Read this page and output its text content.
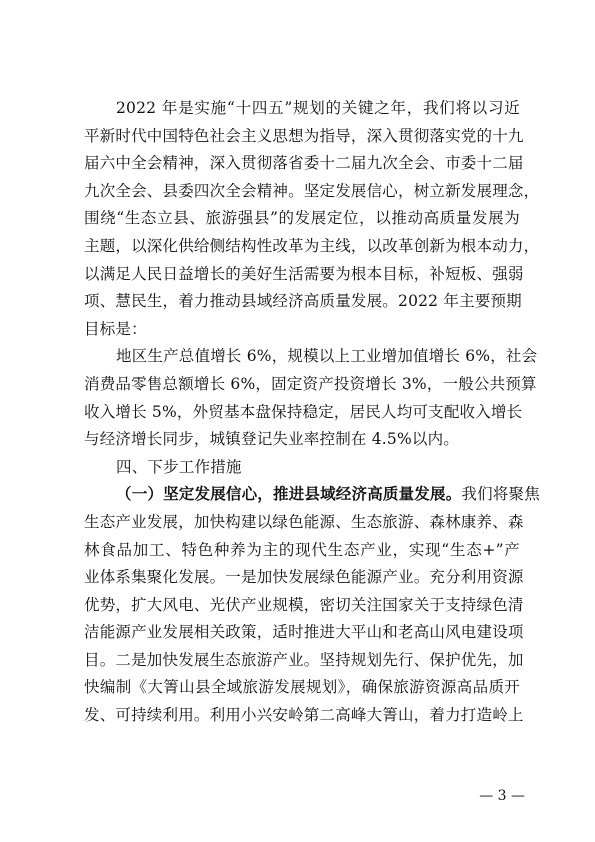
2022 年是实施“十四五”规划的关键之年，我们将以习近
平新时代中国特色社会主义思想为指导，深入贯彻落实党的十九
届六中全会精神，深入贯彻落省委十二届九次全会、市委十二届
九次全会、县委四次全会精神。坚定发展信心，树立新发展理念，
围绕“生态立县、旅游强县”的发展定位，以推动高质量发展为
主题，以深化供给侧结构性改革为主线，以改革创新为根本动力，
以满足人民日益增长的美好生活需要为根本目标，补短板、强弱
项、慧民生，着力推动县域经济高质量发展。2022 年主要预期
目标是：
地区生产总值增长 6%，规模以上工业增加值增长 6%，社会
消费品零售总额增长 6%，固定资产投资增长 3%，一般公共预算
收入增长 5%，外贸基本盘保持稳定，居民人均可支配收入增长
与经济增长同步，城镇登记失业率控制在 4.5%以内。
四、下步工作措施
（一）坚定发展信心，推进县域经济高质量发展。我们将聚焦
生态产业发展，加快构建以绿色能源、生态旅游、森林康养、森
林食品加工、特色种养为主的现代生态产业，实现“生态+”产
业体系集聚化发展。一是加快发展绿色能源产业。充分利用资源
优势，扩大风电、光伏产业规模，密切关注国家关于支持绿色清
洁能源产业发展相关政策，适时推进大平山和老高山风电建设项
目。二是加快发展生态旅游产业。坚持规划先行、保护优先，加
快编制《大箐山县全域旅游发展规划》，确保旅游资源高品质开
发、可持续利用。利用小兴安岭第二高峰大箐山，着力打造岭上
— 3 —
